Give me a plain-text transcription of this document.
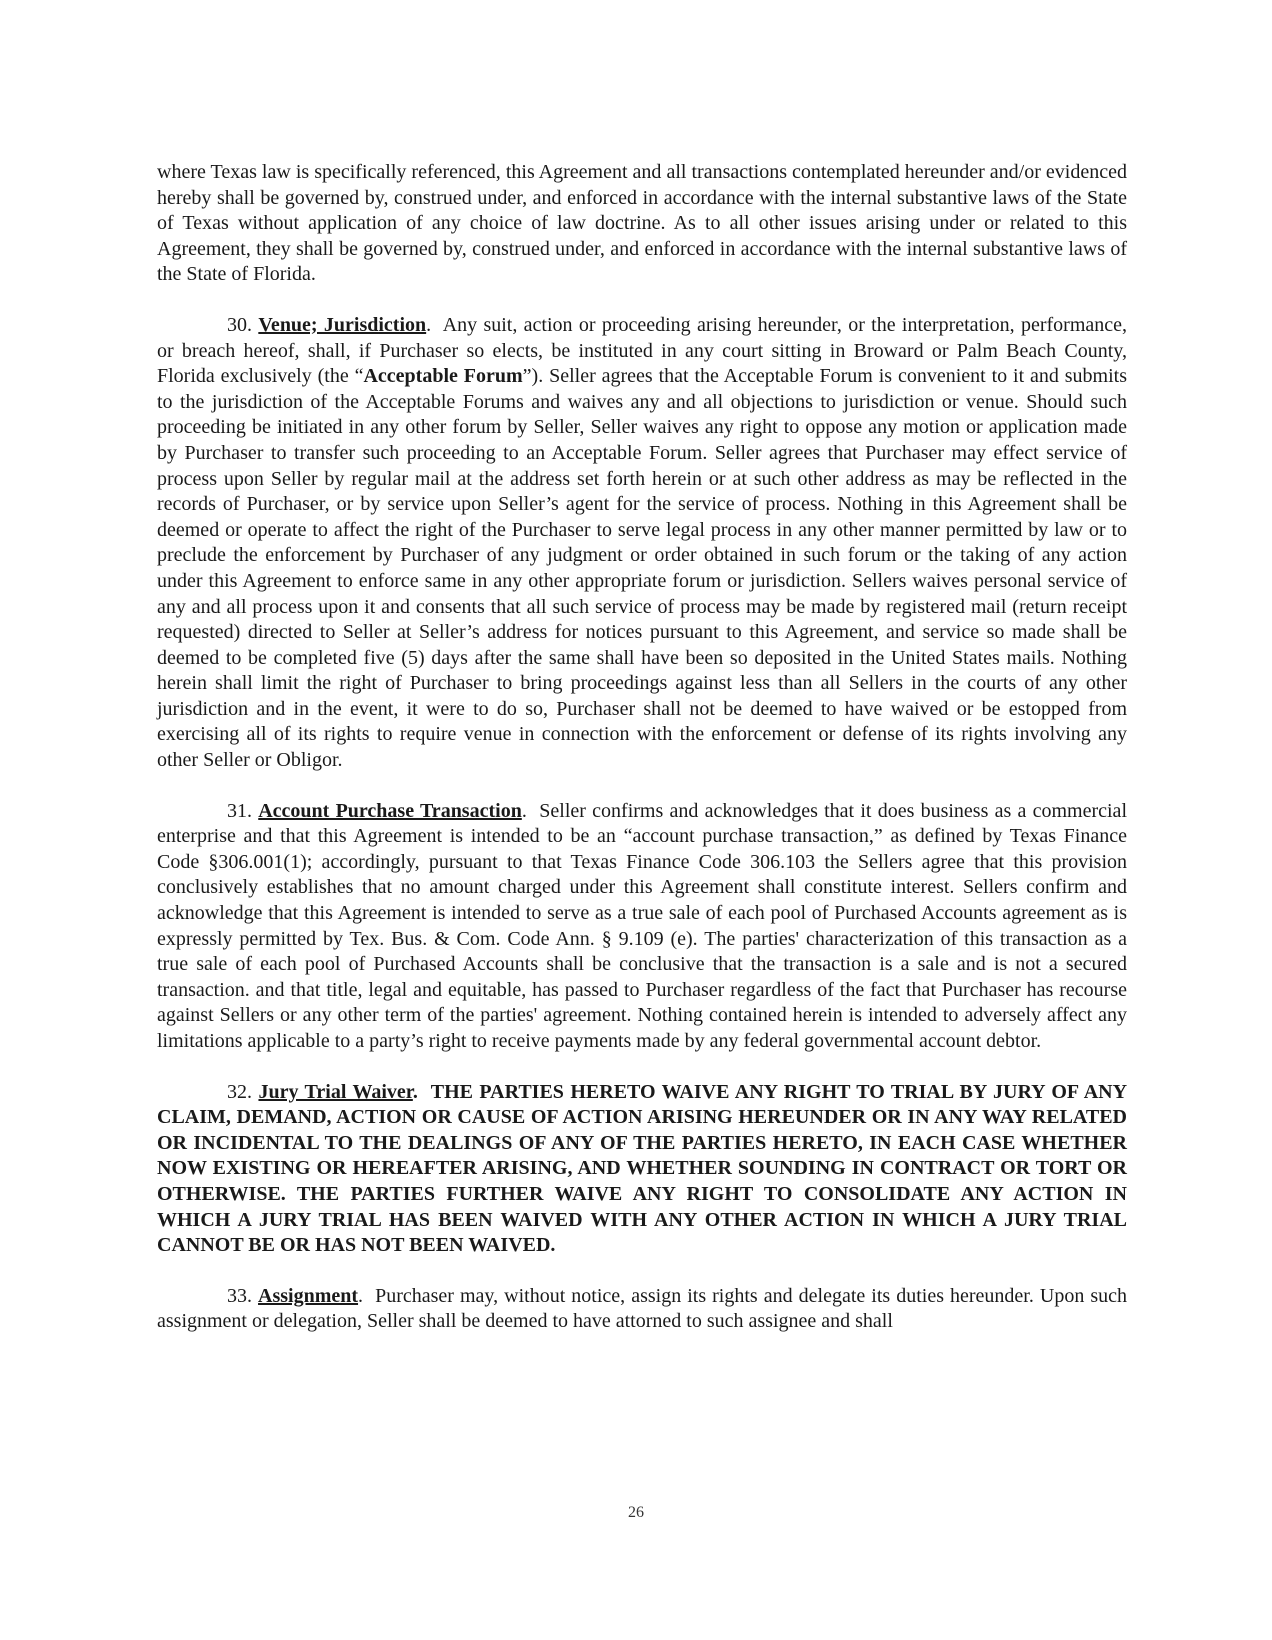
where Texas law is specifically referenced, this Agreement and all transactions contemplated hereunder and/or evidenced hereby shall be governed by, construed under, and enforced in accordance with the internal substantive laws of the State of Texas without application of any choice of law doctrine. As to all other issues arising under or related to this Agreement, they shall be governed by, construed under, and enforced in accordance with the internal substantive laws of the State of Florida.

30. Venue; Jurisdiction. Any suit, action or proceeding arising hereunder, or the interpretation, performance, or breach hereof, shall, if Purchaser so elects, be instituted in any court sitting in Broward or Palm Beach County, Florida exclusively (the “Acceptable Forum”). Seller agrees that the Acceptable Forum is convenient to it and submits to the jurisdiction of the Acceptable Forums and waives any and all objections to jurisdiction or venue. Should such proceeding be initiated in any other forum by Seller, Seller waives any right to oppose any motion or application made by Purchaser to transfer such proceeding to an Acceptable Forum. Seller agrees that Purchaser may effect service of process upon Seller by regular mail at the address set forth herein or at such other address as may be reflected in the records of Purchaser, or by service upon Seller’s agent for the service of process. Nothing in this Agreement shall be deemed or operate to affect the right of the Purchaser to serve legal process in any other manner permitted by law or to preclude the enforcement by Purchaser of any judgment or order obtained in such forum or the taking of any action under this Agreement to enforce same in any other appropriate forum or jurisdiction. Sellers waives personal service of any and all process upon it and consents that all such service of process may be made by registered mail (return receipt requested) directed to Seller at Seller’s address for notices pursuant to this Agreement, and service so made shall be deemed to be completed five (5) days after the same shall have been so deposited in the United States mails. Nothing herein shall limit the right of Purchaser to bring proceedings against less than all Sellers in the courts of any other jurisdiction and in the event, it were to do so, Purchaser shall not be deemed to have waived or be estopped from exercising all of its rights to require venue in connection with the enforcement or defense of its rights involving any other Seller or Obligor.

31. Account Purchase Transaction. Seller confirms and acknowledges that it does business as a commercial enterprise and that this Agreement is intended to be an “account purchase transaction,” as defined by Texas Finance Code §306.001(1); accordingly, pursuant to that Texas Finance Code 306.103 the Sellers agree that this provision conclusively establishes that no amount charged under this Agreement shall constitute interest. Sellers confirm and acknowledge that this Agreement is intended to serve as a true sale of each pool of Purchased Accounts agreement as is expressly permitted by Tex. Bus. & Com. Code Ann. § 9.109 (e). The parties' characterization of this transaction as a true sale of each pool of Purchased Accounts shall be conclusive that the transaction is a sale and is not a secured transaction. and that title, legal and equitable, has passed to Purchaser regardless of the fact that Purchaser has recourse against Sellers or any other term of the parties' agreement. Nothing contained herein is intended to adversely affect any limitations applicable to a party’s right to receive payments made by any federal governmental account debtor.

32. Jury Trial Waiver. THE PARTIES HERETO WAIVE ANY RIGHT TO TRIAL BY JURY OF ANY CLAIM, DEMAND, ACTION OR CAUSE OF ACTION ARISING HEREUNDER OR IN ANY WAY RELATED OR INCIDENTAL TO THE DEALINGS OF ANY OF THE PARTIES HERETO, IN EACH CASE WHETHER NOW EXISTING OR HEREAFTER ARISING, AND WHETHER SOUNDING IN CONTRACT OR TORT OR OTHERWISE. THE PARTIES FURTHER WAIVE ANY RIGHT TO CONSOLIDATE ANY ACTION IN WHICH A JURY TRIAL HAS BEEN WAIVED WITH ANY OTHER ACTION IN WHICH A JURY TRIAL CANNOT BE OR HAS NOT BEEN WAIVED.

33. Assignment. Purchaser may, without notice, assign its rights and delegate its duties hereunder. Upon such assignment or delegation, Seller shall be deemed to have attorned to such assignee and shall

26
